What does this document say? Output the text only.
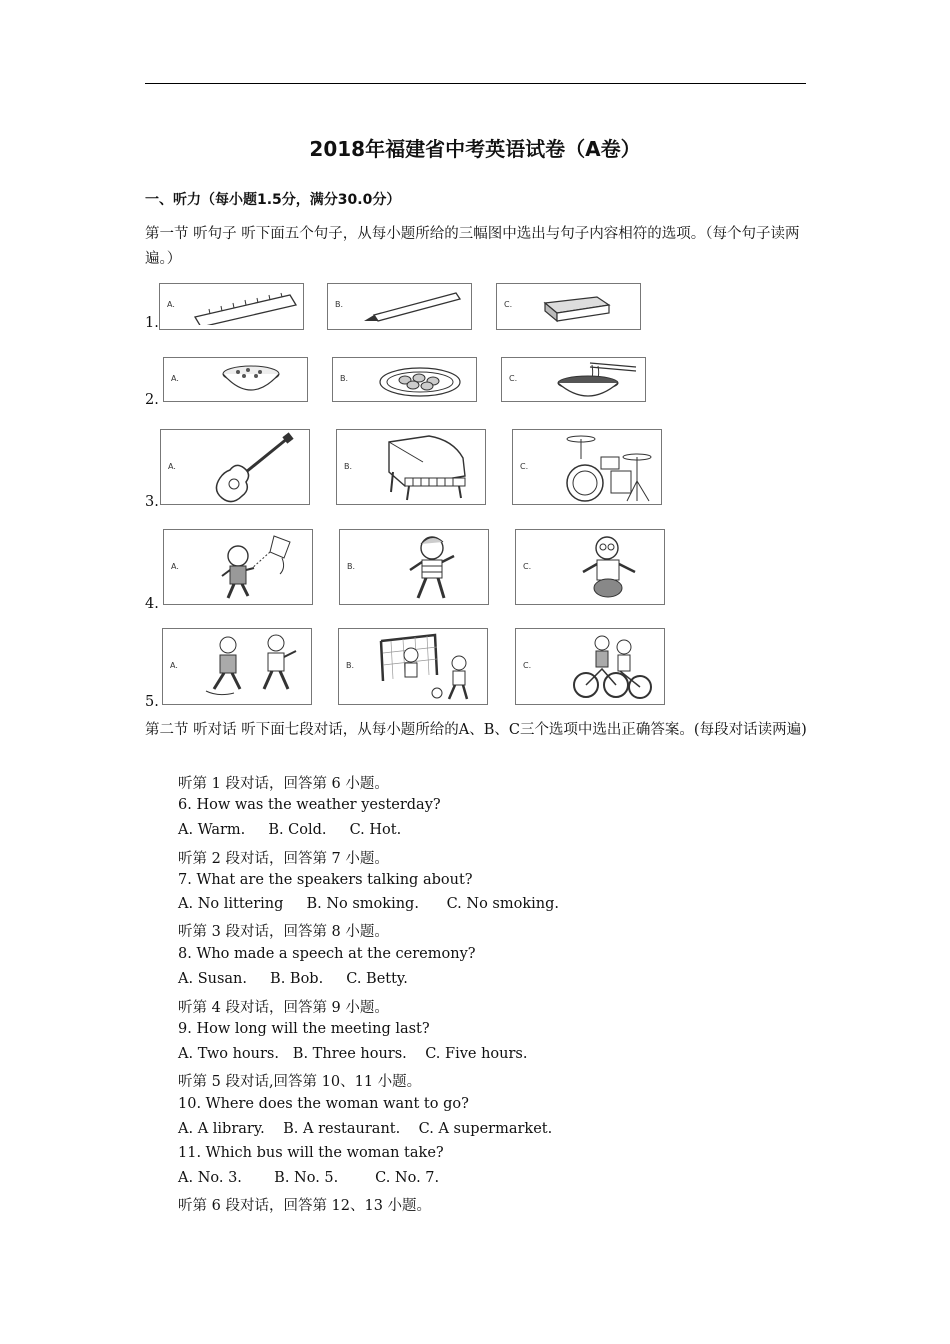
2018年福建省中考英语试卷（A卷）
一、听力（每小题1.5分，满分30.0分）
第一节 听句子 听下面五个句子，从每小题所给的三幅图中选出与句子内容相符的选项。（每个句子读两遍。）
1.
A.	B.	C.
2.
A.	B.	C.
3.
A.	B.	C.
4.
A.	B.	C.
5.
A.	B.	C.
第二节 听对话 听下面七段对话，从每小题所给的A、B、C三个选项中选出正确答案。(每段对话读两遍)
听第 1 段对话，回答第 6 小题。
6. How was the weather yesterday?
A. Warm.     B. Cold.     C. Hot.
听第 2 段对话，回答第 7 小题。
7. What are the speakers talking about?
A. No littering     B. No smoking.      C. No smoking.
听第 3 段对话，回答第 8 小题。
8. Who made a speech at the ceremony?
A. Susan.     B. Bob.     C. Betty.
听第 4 段对话，回答第 9 小题。
9. How long will the meeting last?
A. Two hours.   B. Three hours.    C. Five hours.
听第 5 段对话,回答第 10、11 小题。
10. Where does the woman want to go?
A. A library.    B. A restaurant.    C. A supermarket.
11. Which bus will the woman take?
A. No. 3.       B. No. 5.        C. No. 7.
听第 6 段对话，回答第 12、13 小题。
